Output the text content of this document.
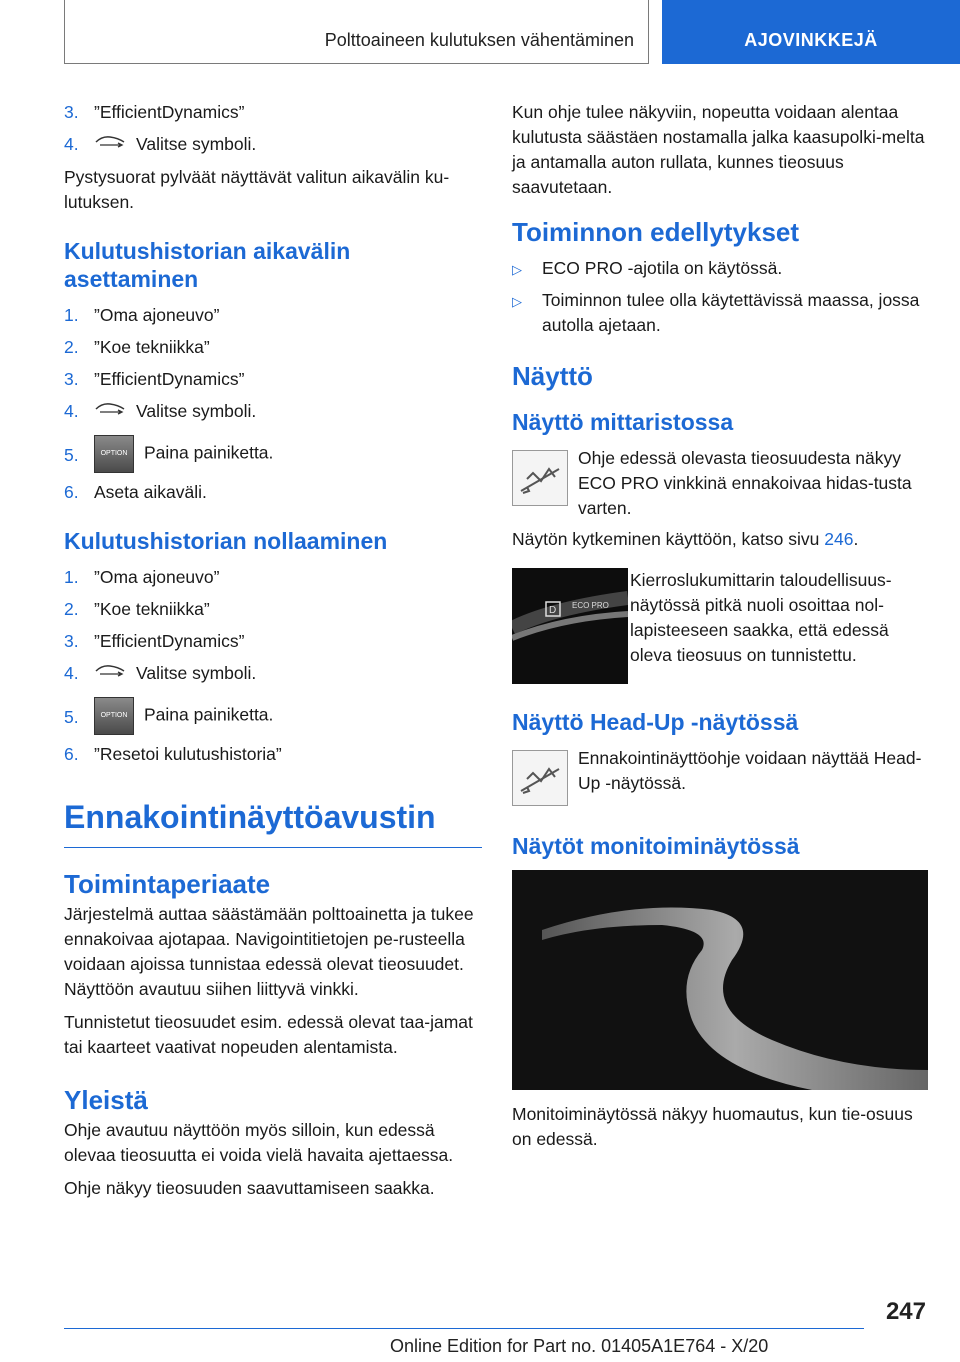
Polttoaineen kulutuksen vähentäminen	AJOVINKKEJÄ
3. ”EfficientDynamics”
4.	Valitse symboli.

Pystysuorat pylväät näyttävät valitun aikavälin ku-lutuksen.

Kulutushistorian aikavälin asettaminen
1. ”Oma ajoneuvo”
2. ”Koe tekniikka”
3. ”EfficientDynamics”
4.	Valitse symboli.
5.	OPTION Paina painiketta.
6. Aseta aikaväli.
Kulutushistorian nollaaminen
1. ”Oma ajoneuvo”
2. ”Koe tekniikka”
3. ”EfficientDynamics”
4.	Valitse symboli.
5.	OPTION Paina painiketta.
6. ”Resetoi kulutushistoria”
Ennakointinäyttöavustin
Toimintaperiaate

Järjestelmä auttaa säästämään polttoainetta ja tukee ennakoivaa ajotapaa. Navigointitietojen pe-rusteella voidaan ajoissa tunnistaa edessä olevat tieosuudet. Näyttöön avautuu siihen liittyvä vinkki.

Tunnistetut tieosuudet esim. edessä olevat taa-jamat tai kaarteet vaativat nopeuden alentamista.

Yleistä

Ohje avautuu näyttöön myös silloin, kun edessä olevaa tieosuutta ei voida vielä havaita ajettaessa.

Ohje näkyy tieosuuden saavuttamiseen saakka.

Kun ohje tulee näkyviin, nopeutta voidaan alentaa kulutusta säästäen nostamalla jalka kaasupolki-melta ja antamalla auton rullata, kunnes tieosuus saavutetaan.

Toiminnon edellytykset
▷ ECO PRO -ajotila on käytössä.
▷ Toiminnon tulee olla käytettävissä maassa, jossa autolla ajetaan.
Näyttö
Näyttö mittaristossa

Ohje edessä olevasta tieosuudesta näkyy ECO PRO vinkkinä ennakoivaa hidas-tusta varten.

Näytön kytkeminen käyttöön, katso sivu 246.

D ECO PRO

Kierroslukumittarin taloudellisuus-näytössä pitkä nuoli osoittaa nol-lapisteeseen saakka, että edessä oleva tieosuus on tunnistettu.

Näyttö Head-Up -näytössä

Ennakointinäyttöohje voidaan näyttää Head-Up -näytössä.

Näytöt monitoiminäytössä

Monitoiminäytössä näkyy huomautus, kun tie-osuus on edessä.

247
Online Edition for Part no. 01405A1E764 - X/20
